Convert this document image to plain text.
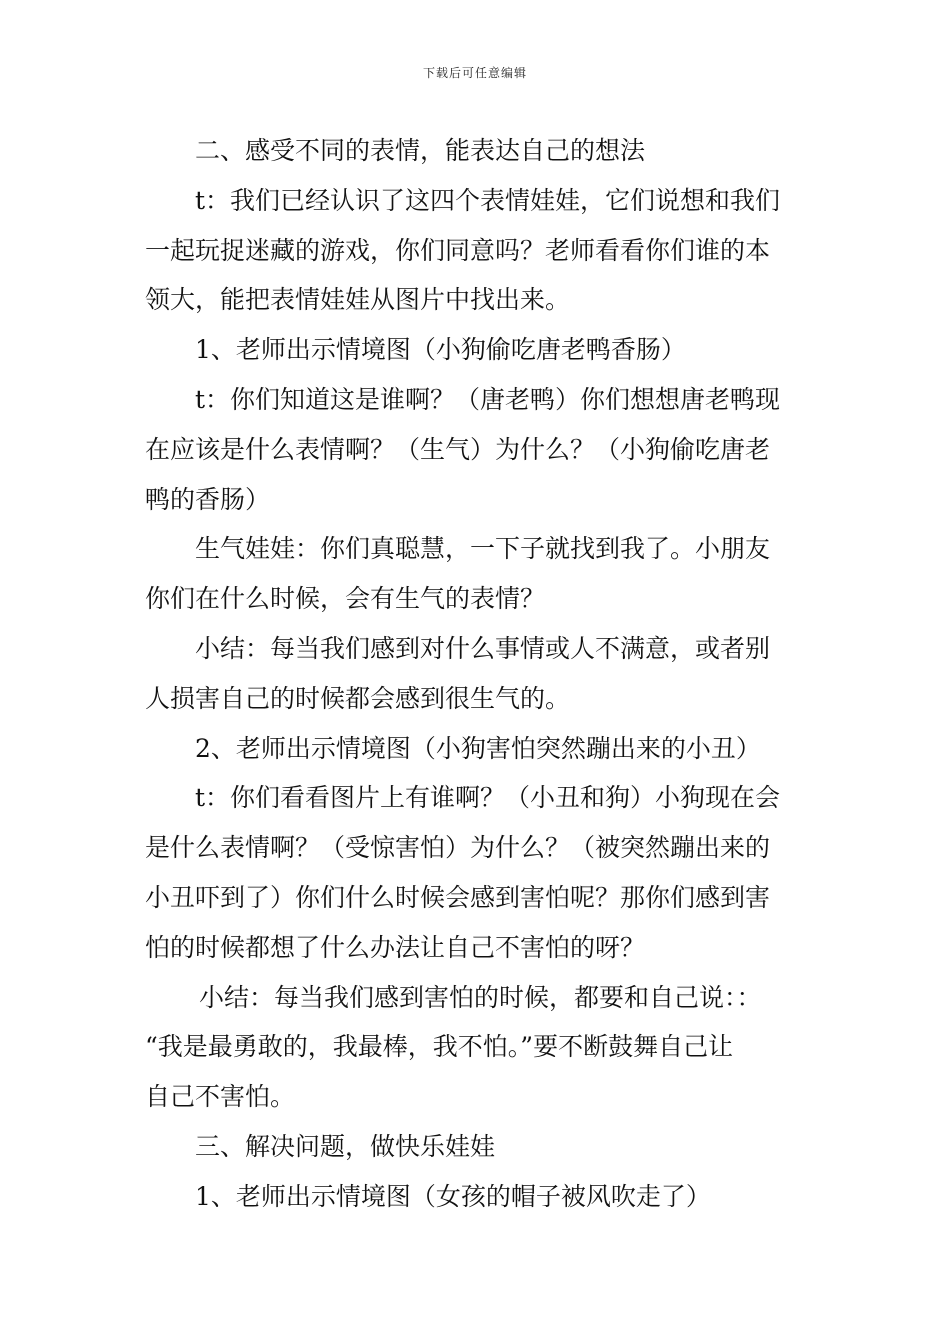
下载后可任意编辑
二、感受不同的表情，能表达自己的想法
t：我们已经认识了这四个表情娃娃，它们说想和我们
一起玩捉迷藏的游戏，你们同意吗？老师看看你们谁的本
领大，能把表情娃娃从图片中找出来。
1、老师出示情境图（小狗偷吃唐老鸭香肠）
t：你们知道这是谁啊？（唐老鸭）你们想想唐老鸭现
在应该是什么表情啊？（生气）为什么？（小狗偷吃唐老
鸭的香肠）
生气娃娃：你们真聪慧，一下子就找到我了。小朋友
你们在什么时候，会有生气的表情？
小结：每当我们感到对什么事情或人不满意，或者别
人损害自己的时候都会感到很生气的。
2、老师出示情境图（小狗害怕突然蹦出来的小丑）
t：你们看看图片上有谁啊？（小丑和狗）小狗现在会
是什么表情啊？（受惊害怕）为什么？（被突然蹦出来的
小丑吓到了）你们什么时候会感到害怕呢？那你们感到害
怕的时候都想了什么办法让自己不害怕的呀？
小结：每当我们感到害怕的时候，都要和自己说：：
“我是最勇敢的，我最棒，我不怕。”要不断鼓舞自己让
自己不害怕。
三、解决问题，做快乐娃娃
1、老师出示情境图（女孩的帽子被风吹走了）
